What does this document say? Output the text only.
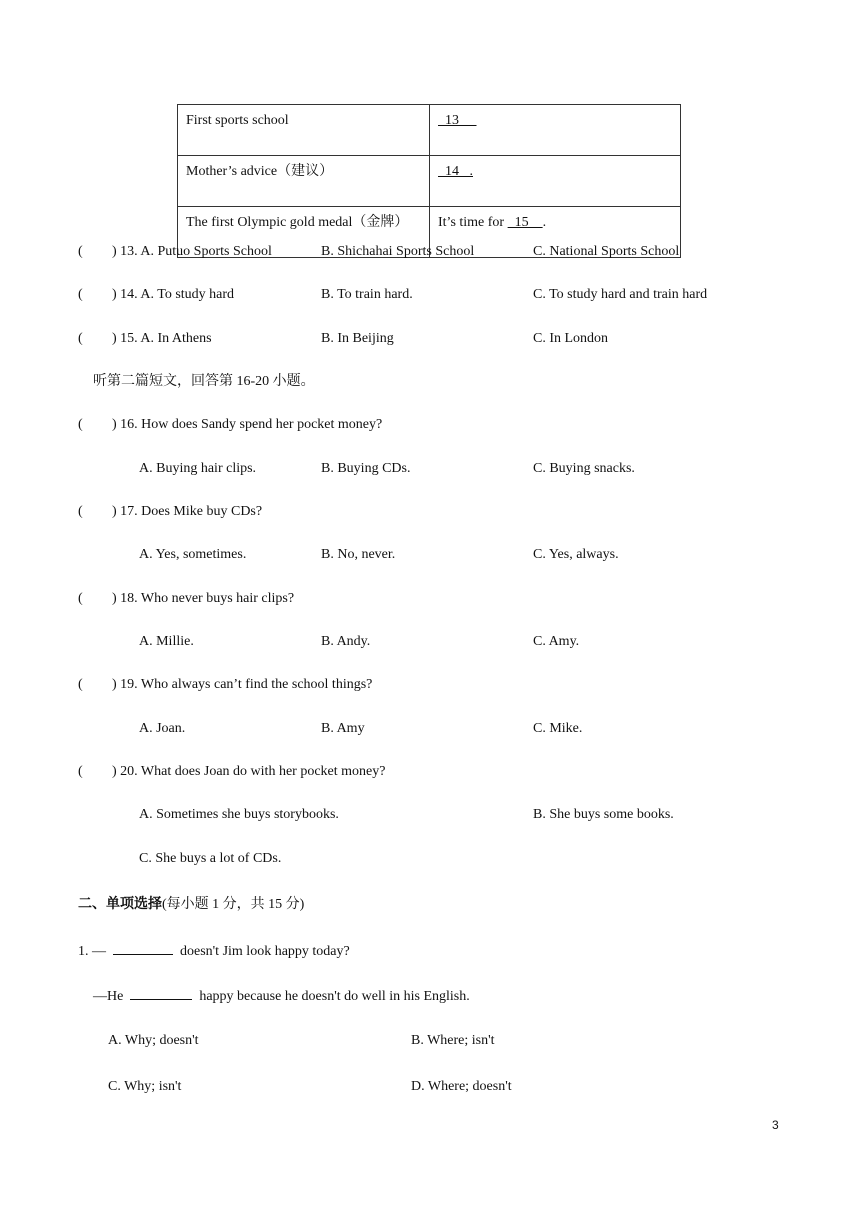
First sports school	13
Mother’s advice（建议）	14   .
The first Olympic gold medal（金牌）	It’s time for   15    .
( ) 13. A. Putuo Sports School	B. Shichahai Sports School	C. National Sports School
( ) 14. A. To study hard	B. To train hard.	C. To study hard and train hard
( ) 15. A. In Athens	B. In Beijing	C. In London
听第二篇短文，回答第 16-20 小题。
( ) 16. How does Sandy spend her pocket money?
A. Buying hair clips.	B. Buying CDs.	C. Buying snacks.
( ) 17. Does Mike buy CDs?
A. Yes, sometimes.	B. No, never.	C. Yes, always.
( ) 18. Who never buys hair clips?
A. Millie.	B. Andy.	C. Amy.
( ) 19. Who always can’t find the school things?
A. Joan.	B. Amy	C. Mike.
( ) 20. What does Joan do with her pocket money?
A. Sometimes she buys storybooks.	B. She buys some books.
C. She buys a lot of CDs.
二、单项选择(每小题 1 分，共 15 分)
1. —	doesn't Jim look happy today?
—He	happy because he doesn't do well in his English.
A. Why; doesn't	B. Where; isn't
C. Why; isn't	D. Where; doesn't
3
